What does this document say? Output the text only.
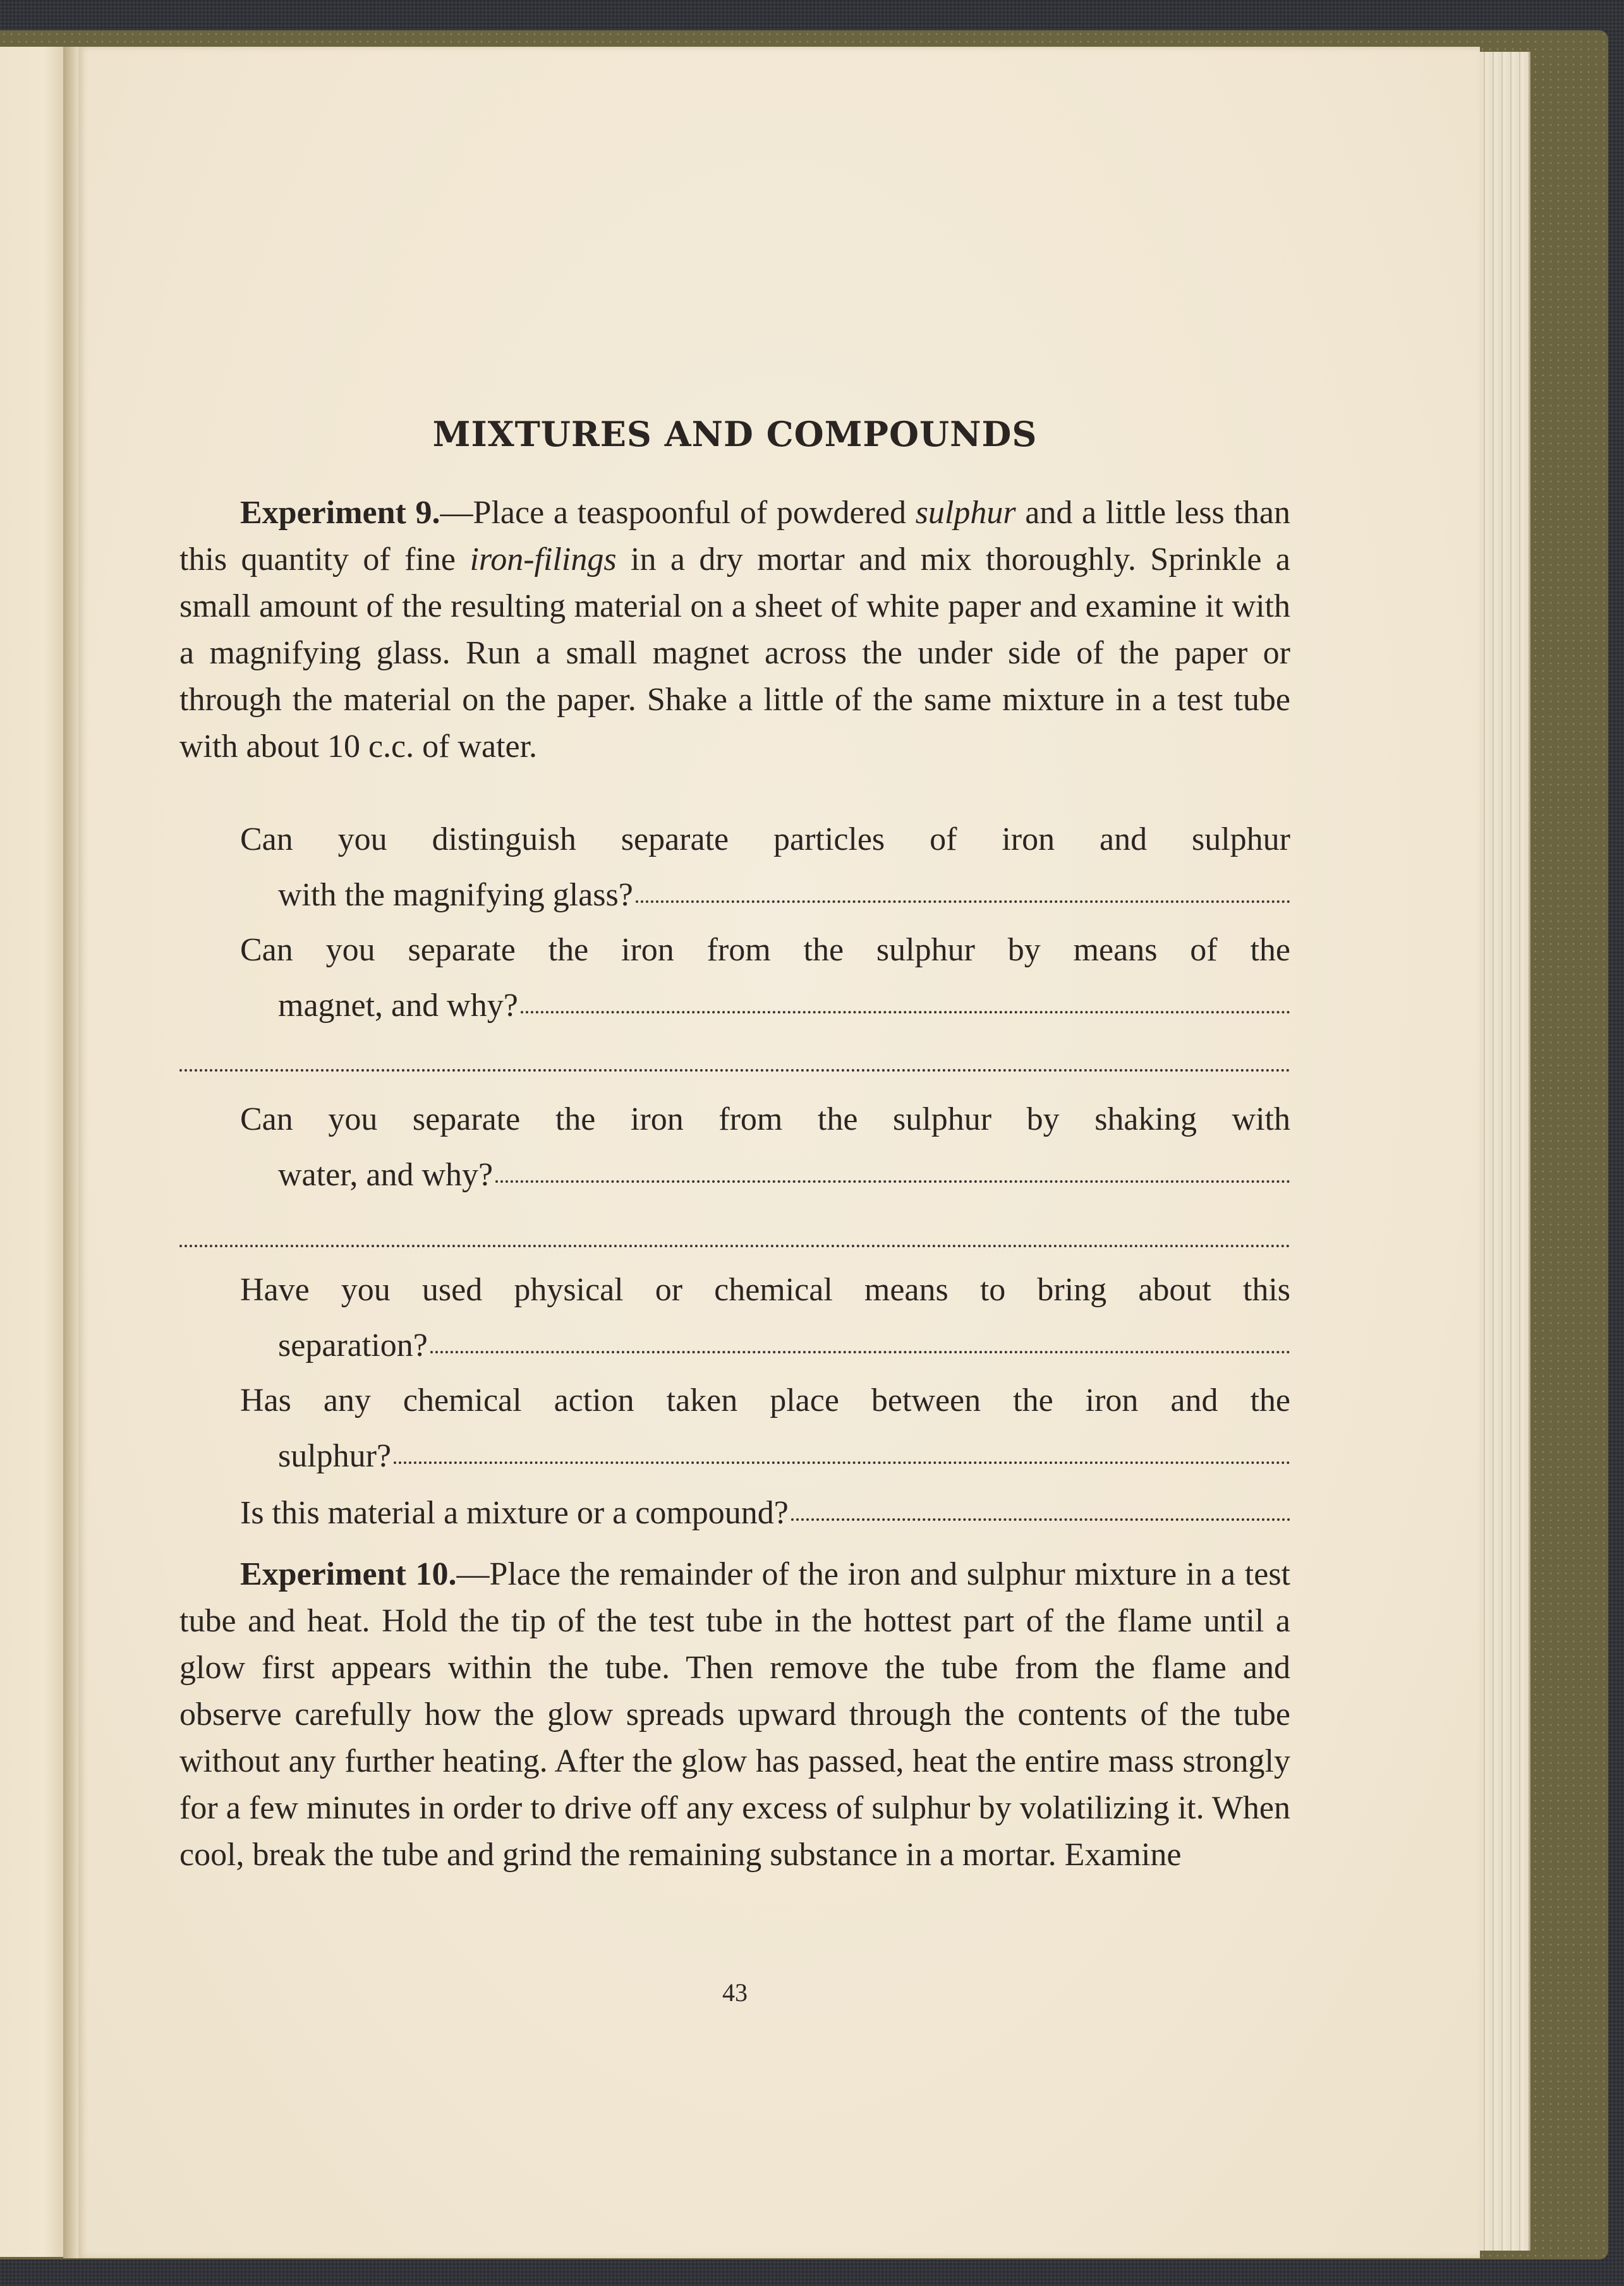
MIXTURES AND COMPOUNDS
Experiment 9.—Place a teaspoonful of powdered sulphur and a little less than this quantity of fine iron-filings in a dry mortar and mix thoroughly. Sprinkle a small amount of the resulting material on a sheet of white paper and examine it with a magnifying glass. Run a small magnet across the under side of the paper or through the material on the paper. Shake a little of the same mixture in a test tube with about 10 c.c. of water.
Can you distinguish separate particles of iron and sulphur
with the magnifying glass?
Can you separate the iron from the sulphur by means of the
magnet, and why?
Can you separate the iron from the sulphur by shaking with
water, and why?
Have you used physical or chemical means to bring about this
separation?
Has any chemical action taken place between the iron and the
sulphur?
Is this material a mixture or a compound?
Experiment 10.—Place the remainder of the iron and sulphur mixture in a test tube and heat. Hold the tip of the test tube in the hottest part of the flame until a glow first appears within the tube. Then remove the tube from the flame and observe carefully how the glow spreads upward through the contents of the tube without any further heating. After the glow has passed, heat the entire mass strongly for a few minutes in order to drive off any excess of sulphur by volatilizing it. When cool, break the tube and grind the remaining substance in a mortar. Examine
43
